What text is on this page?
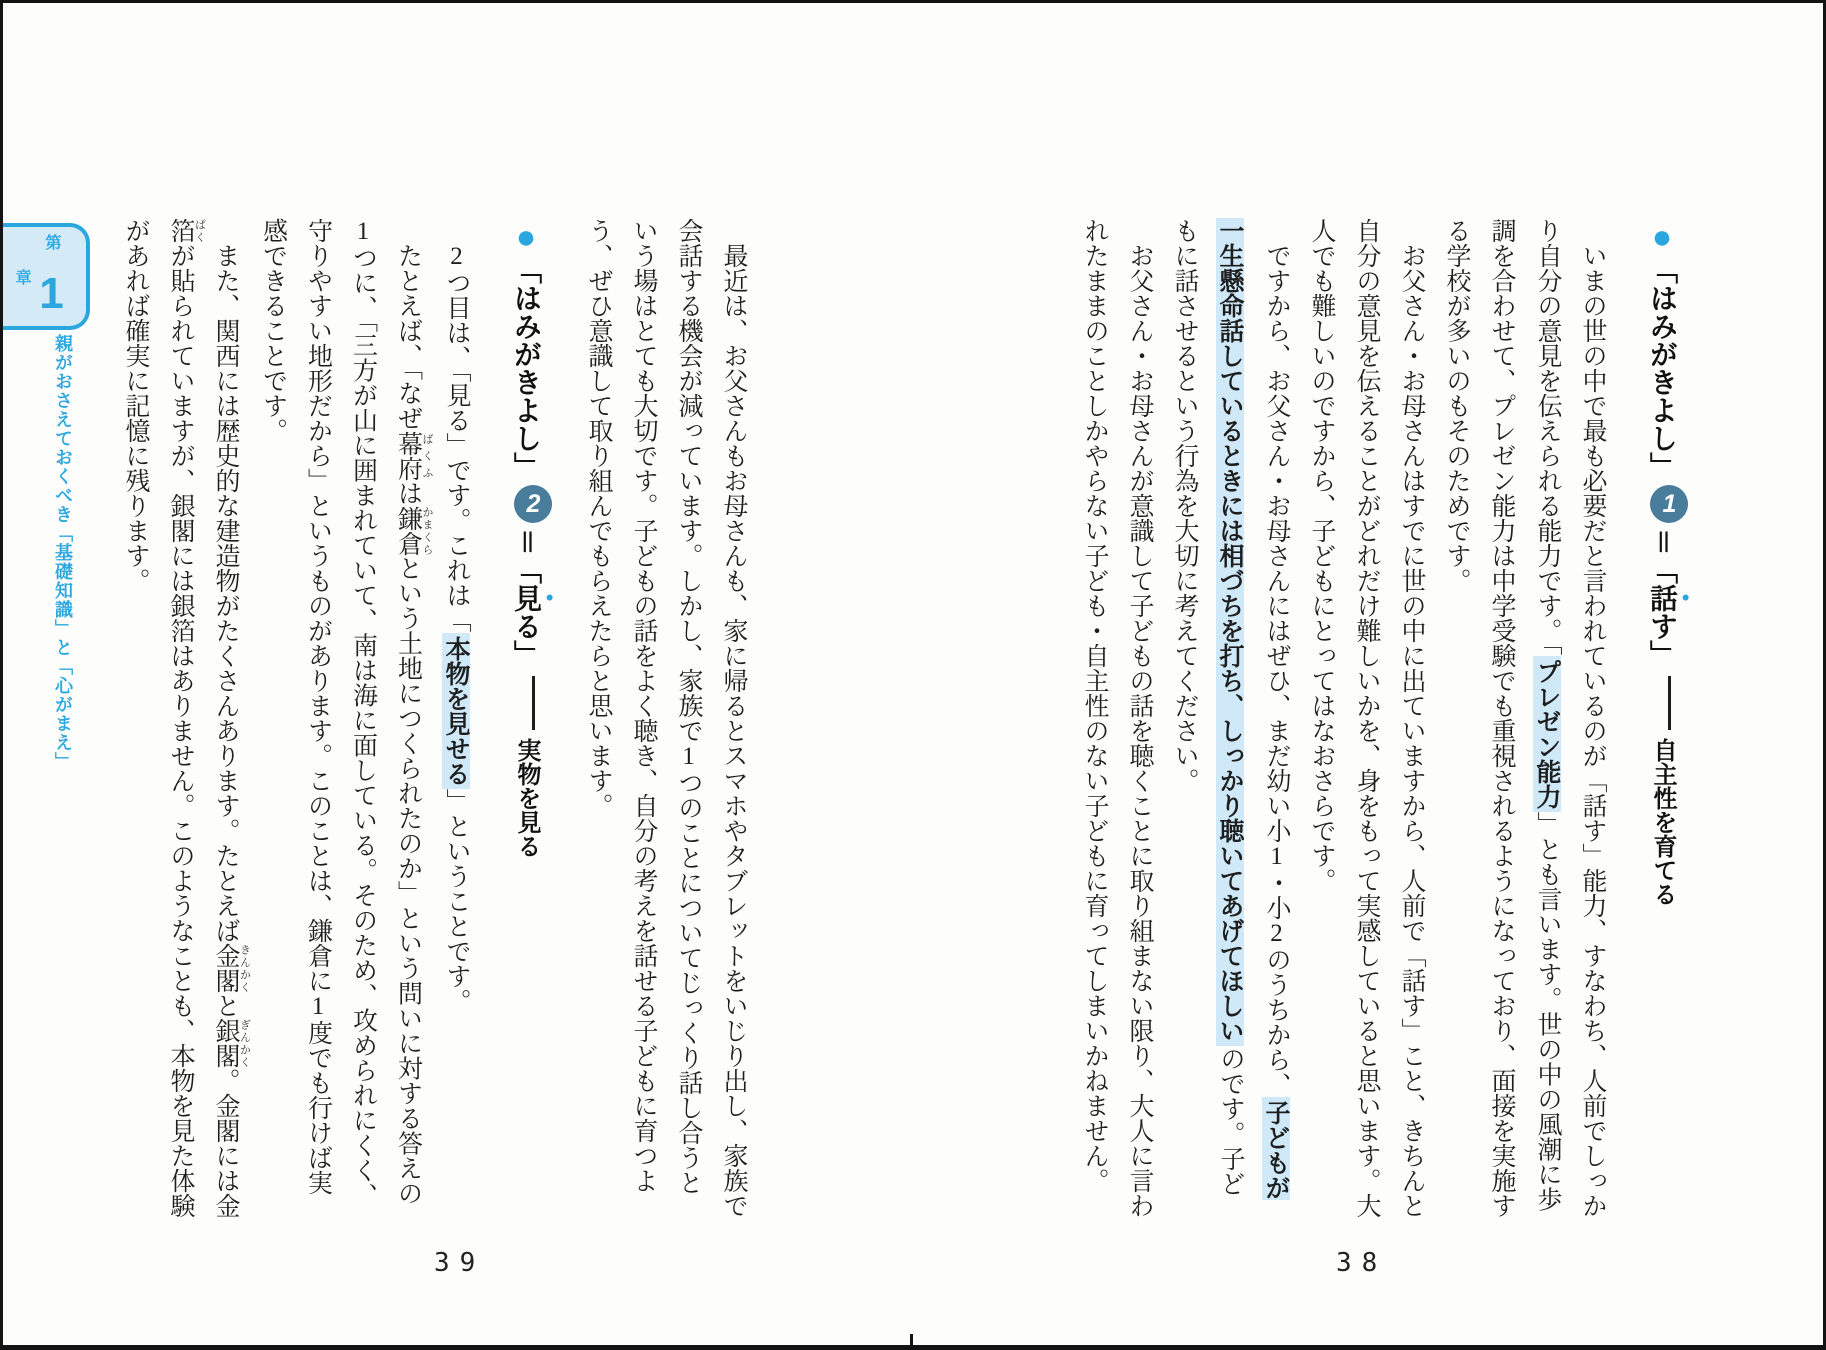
第 1 章
親がおさえておくべき「基礎知識」と「心がまえ」
●「はみがきよし」1＝「話す」自主性を育てる

いまの世の中で最も必要だと言われているのが「話す」能力、すなわち、人前でしっかり自分の意見を伝えられる能力です。「プレゼン能力」とも言います。世の中の風潮に歩調を合わせて、プレゼン能力は中学受験でも重視されるようになっており、面接を実施する学校が多いのもそのためです。

お父さん・お母さんはすでに世の中に出ていますから、人前で「話す」こと、きちんと自分の意見を伝えることがどれだけ難しいかを、身をもって実感していると思います。大人でも難しいのですから、子どもにとってはなおさらです。

ですから、お父さん・お母さんにはぜひ、まだ幼い小1・小2のうちから、子どもが一生懸命話しているときには相づちを打ち、しっかり聴いてあげてほしいのです。子どもに話させるという行為を大切に考えてください。

お父さん・お母さんが意識して子どもの話を聴くことに取り組まない限り、大人に言われたままのことしかやらない子ども・自主性のない子どもに育ってしまいかねません。

最近は、お父さんもお母さんも、家に帰るとスマホやタブレットをいじり出し、家族で会話する機会が減っています。しかし、家族で1つのことについてじっくり話し合うという場はとても大切です。子どもの話をよく聴き、自分の考えを話せる子どもに育つよう、ぜひ意識して取り組んでもらえたらと思います。

●「はみがきよし」2＝「見る」実物を見る

2つ目は、「見る」です。これは「本物を見せる」ということです。

たとえば、「なぜ幕府 ばくふは鎌倉 かまくらという土地につくられたのか」という問いに対する答えの1つに、「三方が山に囲まれていて、南は海に面している。そのため、攻められにくく、守りやすい地形だから」というものがあります。このことは、鎌倉に1度でも行けば実感できることです。

また、関西には歴史的な建造物がたくさんあります。たとえば金閣 きんかくと銀閣 ぎんかく。金閣には金箔 ぱくが貼られていますが、銀閣には銀箔はありません。このようなことも、本物を見た体験があれば確実に記憶に残ります。

38
39
